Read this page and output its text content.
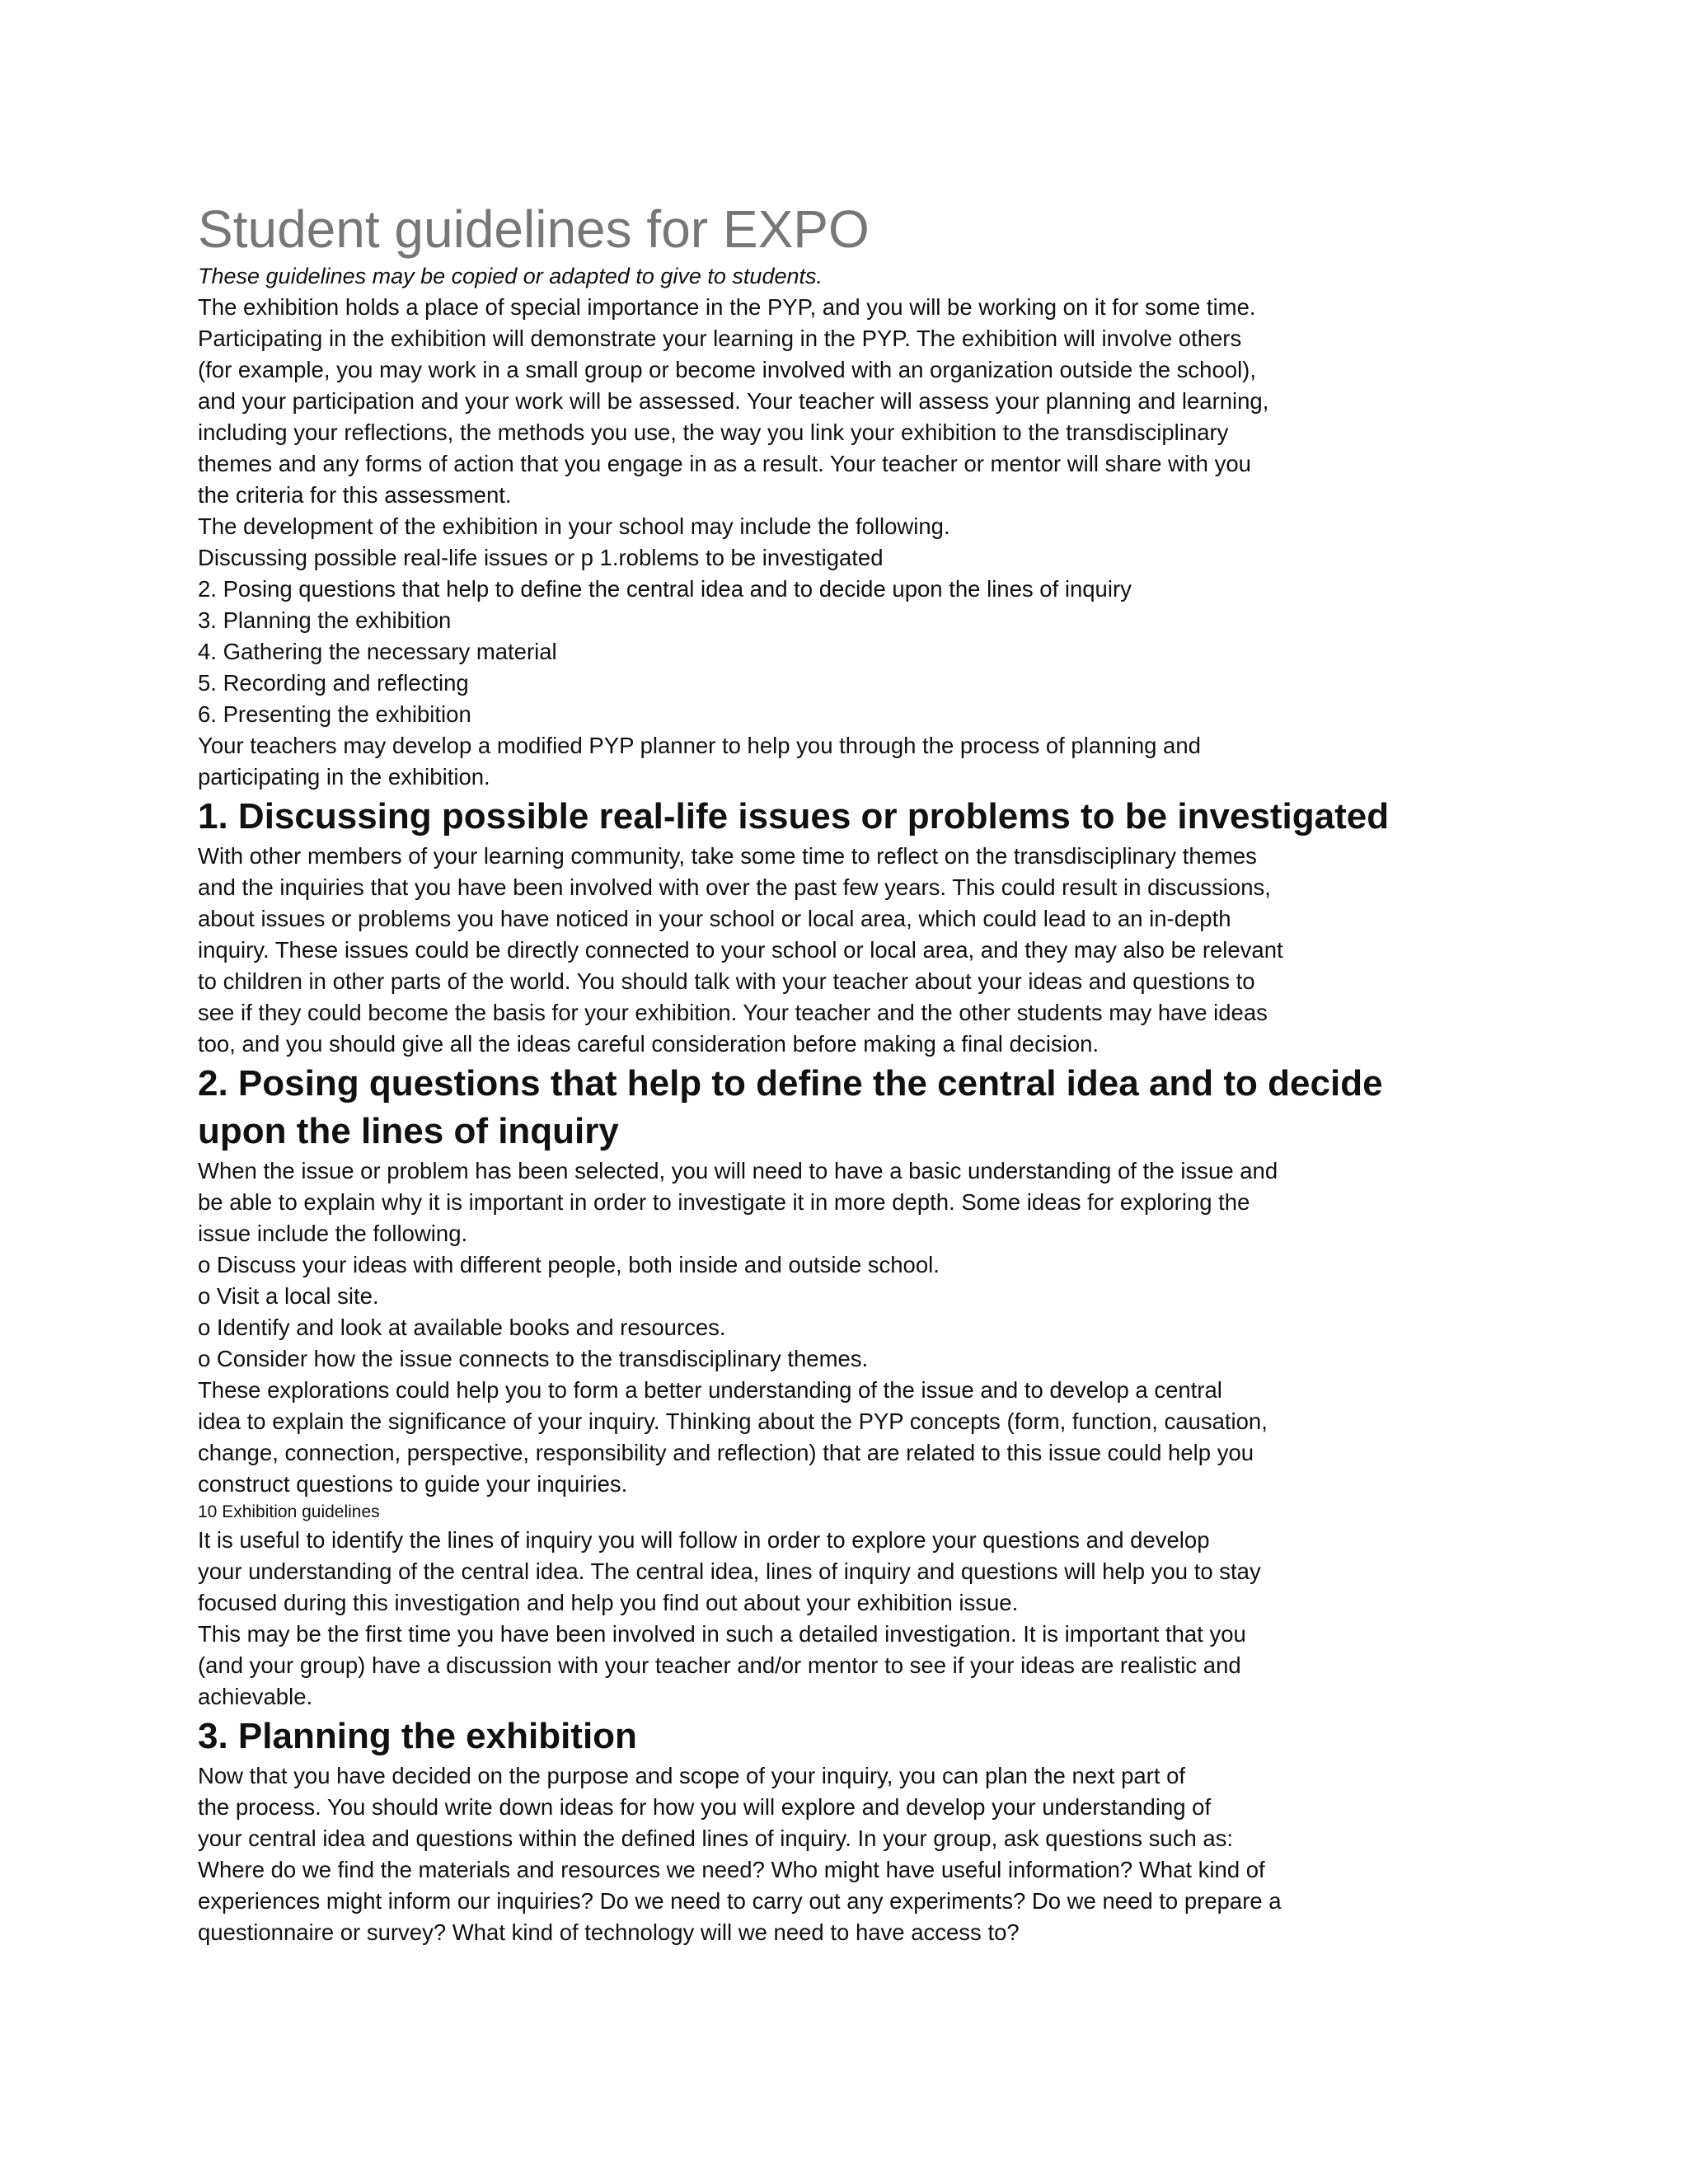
Student guidelines for EXPO
These guidelines may be copied or adapted to give to students.
The exhibition holds a place of special importance in the PYP, and you will be working on it for some time.
Participating in the exhibition will demonstrate your learning in the PYP. The exhibition will involve others
(for example, you may work in a small group or become involved with an organization outside the school),
and your participation and your work will be assessed. Your teacher will assess your planning and learning,
including your reflections, the methods you use, the way you link your exhibition to the transdisciplinary
themes and any forms of action that you engage in as a result. Your teacher or mentor will share with you
the criteria for this assessment.
The development of the exhibition in your school may include the following.
Discussing possible real-life issues or p 1.roblems to be investigated
2. Posing questions that help to define the central idea and to decide upon the lines of inquiry
3. Planning the exhibition
4. Gathering the necessary material
5. Recording and reflecting
6. Presenting the exhibition
Your teachers may develop a modified PYP planner to help you through the process of planning and
participating in the exhibition.
1. Discussing possible real-life issues or problems to be investigated
With other members of your learning community, take some time to reflect on the transdisciplinary themes
and the inquiries that you have been involved with over the past few years. This could result in discussions,
about issues or problems you have noticed in your school or local area, which could lead to an in-depth
inquiry. These issues could be directly connected to your school or local area, and they may also be relevant
to children in other parts of the world. You should talk with your teacher about your ideas and questions to
see if they could become the basis for your exhibition. Your teacher and the other students may have ideas
too, and you should give all the ideas careful consideration before making a final decision.
2. Posing questions that help to define the central idea and to decide
upon the lines of inquiry
When the issue or problem has been selected, you will need to have a basic understanding of the issue and
be able to explain why it is important in order to investigate it in more depth. Some ideas for exploring the
issue include the following.
o Discuss your ideas with different people, both inside and outside school.
o Visit a local site.
o Identify and look at available books and resources.
o Consider how the issue connects to the transdisciplinary themes.
These explorations could help you to form a better understanding of the issue and to develop a central
idea to explain the significance of your inquiry. Thinking about the PYP concepts (form, function, causation,
change, connection, perspective, responsibility and reflection) that are related to this issue could help you
construct questions to guide your inquiries.
10 Exhibition guidelines
It is useful to identify the lines of inquiry you will follow in order to explore your questions and develop
your understanding of the central idea. The central idea, lines of inquiry and questions will help you to stay
focused during this investigation and help you find out about your exhibition issue.
This may be the first time you have been involved in such a detailed investigation. It is important that you
(and your group) have a discussion with your teacher and/or mentor to see if your ideas are realistic and
achievable.
3. Planning the exhibition
Now that you have decided on the purpose and scope of your inquiry, you can plan the next part of
the process. You should write down ideas for how you will explore and develop your understanding of
your central idea and questions within the defined lines of inquiry. In your group, ask questions such as:
Where do we find the materials and resources we need? Who might have useful information? What kind of
experiences might inform our inquiries? Do we need to carry out any experiments? Do we need to prepare a
questionnaire or survey? What kind of technology will we need to have access to?
